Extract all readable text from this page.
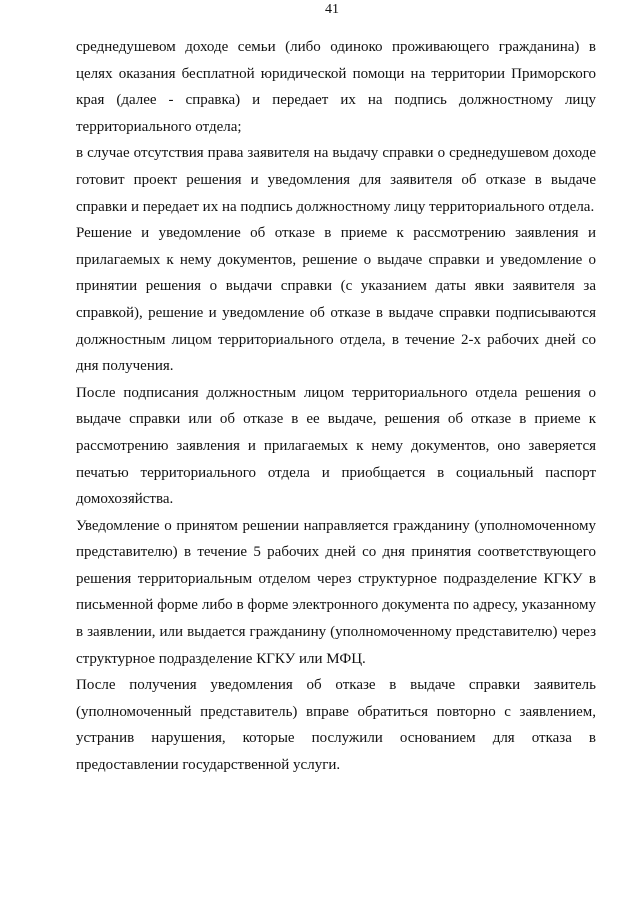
41

среднедушевом доходе семьи (либо одиноко проживающего гражданина) в целях оказания бесплатной юридической помощи на территории Приморского края (далее - справка) и передает их на подпись должностному лицу территориального отдела;

в случае отсутствия права заявителя на выдачу справки о среднедушевом доходе готовит проект решения и уведомления для заявителя об отказе в выдаче справки и передает их на подпись должностному лицу территориального отдела.

Решение и уведомление об отказе в приеме к рассмотрению заявления и прилагаемых к нему документов, решение о выдаче справки и уведомление о принятии решения о выдачи справки (с указанием даты явки заявителя за справкой), решение и уведомление об отказе в выдаче справки подписываются должностным лицом территориального отдела, в течение 2-х рабочих дней со дня получения.

После подписания должностным лицом территориального отдела решения о выдаче справки или об отказе в ее выдаче, решения об отказе в приеме к рассмотрению заявления и прилагаемых к нему документов, оно заверяется печатью территориального отдела и приобщается в социальный паспорт домохозяйства.

Уведомление о принятом решении направляется гражданину (уполномоченному представителю) в течение 5 рабочих дней со дня принятия соответствующего решения территориальным отделом через структурное подразделение КГКУ в письменной форме либо в форме электронного документа по адресу, указанному в заявлении, или выдается гражданину (уполномоченному представителю) через структурное подразделение КГКУ или МФЦ.

После получения уведомления об отказе в выдаче справки заявитель (уполномоченный представитель) вправе обратиться повторно с заявлением, устранив нарушения, которые послужили основанием для отказа в предоставлении государственной услуги.
